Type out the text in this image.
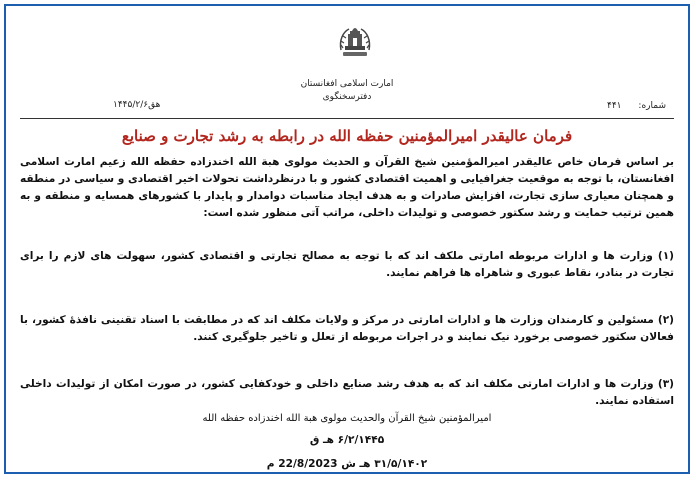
امارت اسلامی افغانستان
دفترسخنگوی
شماره: ۴۴۱
۱۴۴۵/۲/۶هق
فرمان عالیقدر امیرالمؤمنین حفظه الله در رابطه به رشد تجارت و صنایع
بر اساس فرمان خاص عالیقدر امیرالمؤمنین شیخ القرآن و الحدیث مولوی هبة الله اخندزاده حفظه الله زعیم امارت اسلامی افغانستان، با توجه به موقعیت جغرافیایی و اهمیت اقتصادی کشور و با درنظرداشت تحولات اخیر اقتصادی و سیاسی در منطقه و همچنان معیاری سازی تجارت، افزایش صادرات و به هدف ایجاد مناسبات دوامدار و پایدار با کشورهای همسایه و منطقه و به همین ترتیب حمایت و رشد سکتور خصوصی و تولیدات داخلی، مراتب آتی منظور شده است:
(۱) وزارت ها و ادارات مربوطه امارتی ملکف اند که با توجه به مصالح تجارتی و اقتصادی کشور، سهولت های لازم را برای تجارت در بنادر، نقاط عبوری و شاهراه ها فراهم نمایند.
(۲) مسئولین و کارمندان وزارت ها و ادارات امارتی در مرکز و ولایات مکلف اند که در مطابقت با اسناد تقنینی نافذۀ کشور، با فعالان سکتور خصوصی برخورد نیک نمایند و در اجرات مربوطه از تعلل و تاخیر جلوگیری کنند.
(۳) وزارت ها و ادارات امارتی مکلف اند که به هدف رشد صنایع داخلی و خودکفایی کشور، در صورت امکان از تولیدات داخلی استفاده نمایند.
امیرالمؤمنین شیخ القرآن والحدیث مولوی هبة الله اخندزاده حفظه الله
۶/۲/۱۴۴۵ هـ ق
۳۱/۵/۱۴۰۲ هـ ش 22/8/2023 م
